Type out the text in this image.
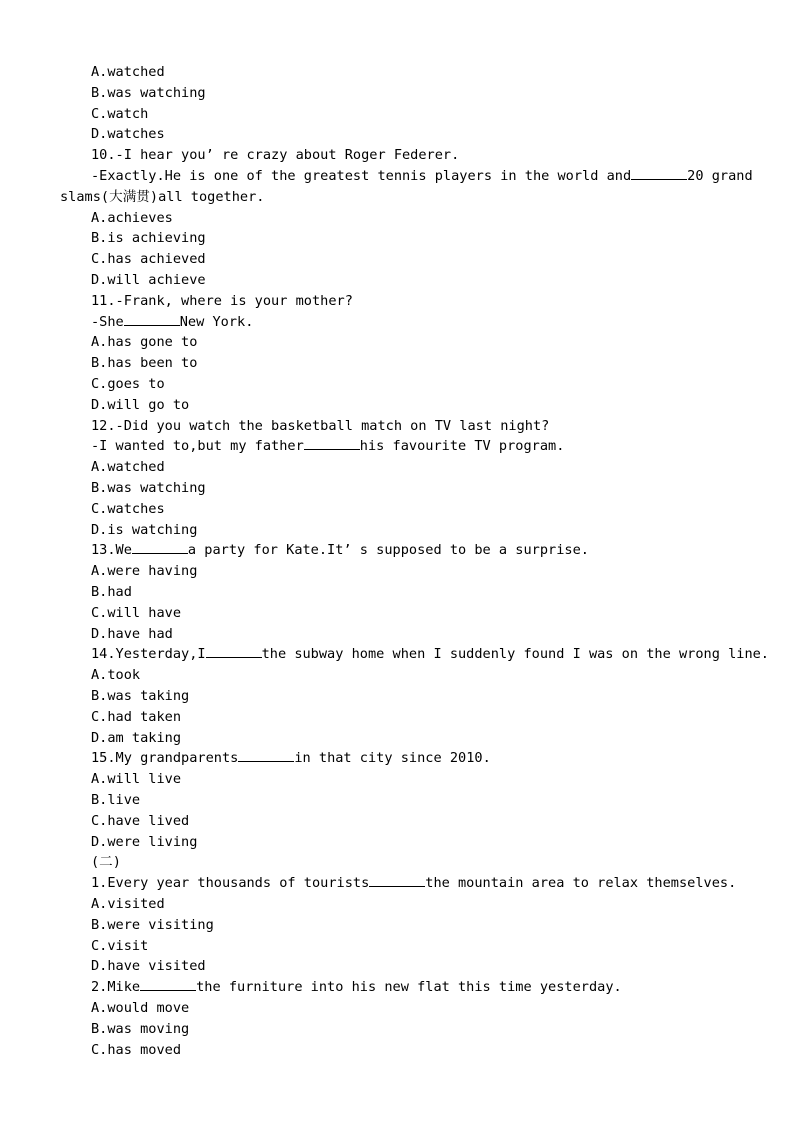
A.watched
B.was watching
C.watch
D.watches
10.-I hear you’ re crazy about Roger Federer.
-Exactly.He is one of the greatest tennis players in the world and	20 grand
slams(大满贯)all together.
A.achieves
B.is achieving
C.has achieved
D.will achieve
11.-Frank, where is your mother?
-She	New York.
A.has gone to
B.has been to
C.goes to
D.will go to
12.-Did you watch the basketball match on TV last night?
-I wanted to,but my father	his favourite TV program.
A.watched
B.was watching
C.watches
D.is watching
13.We	a party for Kate.It’ s supposed to be a surprise.
A.were having
B.had
C.will have
D.have had
14.Yesterday,I	the subway home when I suddenly found I was on the wrong line.
A.took
B.was taking
C.had taken
D.am taking
15.My grandparents	in that city since 2010.
A.will live
B.live
C.have lived
D.were living
(二)
1.Every year thousands of tourists	the mountain area to relax themselves.
A.visited
B.were visiting
C.visit
D.have visited
2.Mike	the furniture into his new flat this time yesterday.
A.would move
B.was moving
C.has moved
